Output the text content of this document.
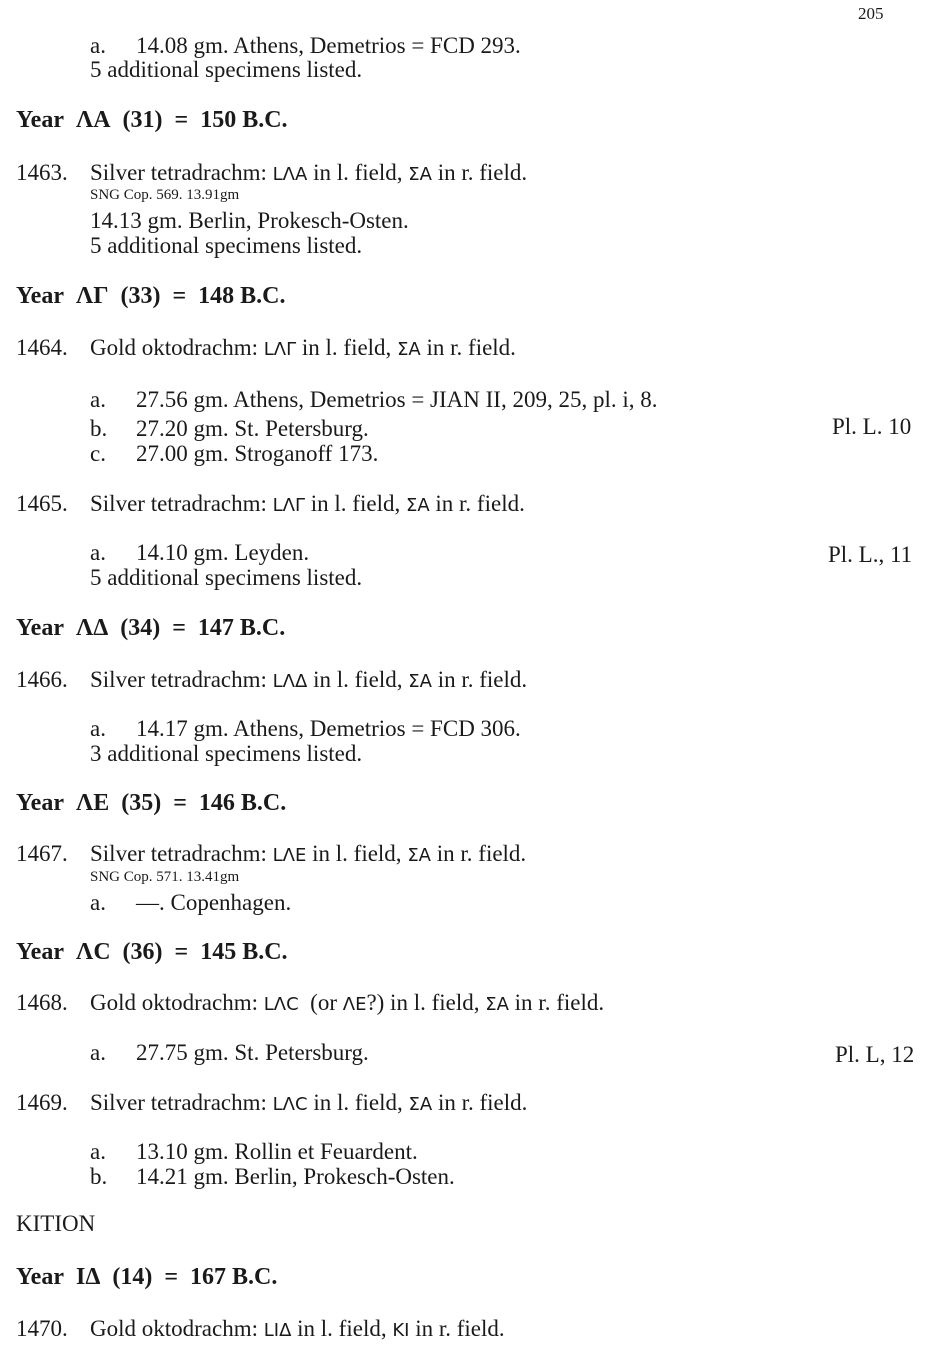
205
a. 14.08 gm. Athens, Demetrios = FCD 293.
5 additional specimens listed.
Year ΛΑ (31) = 150 B.C.
1463. Silver tetradrachm: LΛΑ in l. field, ΣΑ in r. field.
SNG Cop. 569. 13.91gm
14.13 gm. Berlin, Prokesch-Osten.
5 additional specimens listed.
Year ΛΓ (33) = 148 B.C.
1464. Gold oktodrachm: LΛΓ in l. field, ΣΑ in r. field.
a. 27.56 gm. Athens, Demetrios = JIAN II, 209, 25, pl. i, 8.
b. 27.20 gm. St. Petersburg.	Pl. L. 10
c. 27.00 gm. Stroganoff 173.
1465. Silver tetradrachm: LΛΓ in l. field, ΣΑ in r. field.
a. 14.10 gm. Leyden.	Pl. L., 11
5 additional specimens listed.
Year ΛΔ (34) = 147 B.C.
1466. Silver tetradrachm: LΛΔ in l. field, ΣΑ in r. field.
a. 14.17 gm. Athens, Demetrios = FCD 306.
3 additional specimens listed.
Year ΛE (35) = 146 B.C.
1467. Silver tetradrachm: LΛE in l. field, ΣΑ in r. field.
SNG Cop. 571. 13.41gm
a. —. Copenhagen.
Year ΛϹ (36) = 145 B.C.
1468. Gold oktodrachm: LΛϹ (or ΛE?) in l. field, ΣΑ in r. field.
a. 27.75 gm. St. Petersburg.	Pl. L, 12
1469. Silver tetradrachm: LΛϹ in l. field, ΣΑ in r. field.
a. 13.10 gm. Rollin et Feuardent.
b. 14.21 gm. Berlin, Prokesch-Osten.
KITION
Year IΔ (14) = 167 B.C.
1470. Gold oktodrachm: LIΔ in l. field, KI in r. field.
